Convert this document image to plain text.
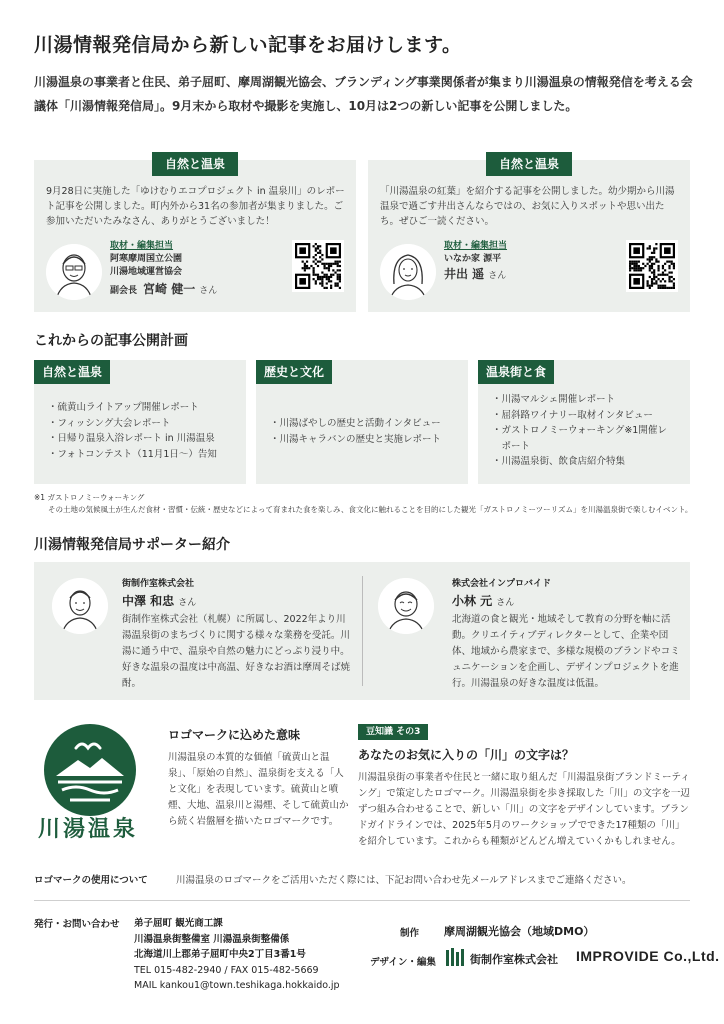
川湯情報発信局から新しい記事をお届けします。
川湯温泉の事業者と住民、弟子屈町、摩周湖観光協会、ブランディング事業関係者が集まり川湯温泉の情報発信を考える会議体「川湯情報発信局」。9月末から取材や撮影を実施し、10月は2つの新しい記事を公開しました。
自然と温泉
9月28日に実施した「ゆけむりエコプロジェクト in 温泉川」のレポート記事を公開しました。町内外から31名の参加者が集まりました。ご参加いただいたみなさん、ありがとうございました！
取材・編集担当
阿寒摩周国立公園
川湯地域運営協会
副会長 宮崎 健一 さん
自然と温泉
「川湯温泉の紅葉」を紹介する記事を公開しました。幼少期から川湯温泉で過ごす井出さんならではの、お気に入りスポットや思い出たち。ぜひご一読ください。
取材・編集担当
いなか家 源平
井出 遥 さん
これからの記事公開計画
自然と温泉
・硫黄山ライトアップ開催レポート
・フィッシング大会レポート
・日帰り温泉入浴レポート in 川湯温泉
・フォトコンテスト（11月1日〜）告知
歴史と文化
・川湯ばやしの歴史と活動インタビュー
・川湯キャラバンの歴史と実施レポート
温泉街と食
・川湯マルシェ開催レポート
・屈斜路ワイナリー取材インタビュー
・ガストロノミーウォーキング※1開催レ
　ポート
・川湯温泉街、飲食店紹介特集
※1 ガストロノミーウォーキング
その土地の気候風土が生んだ食材・習慣・伝統・歴史などによって育まれた食を楽しみ、食文化に触れることを目的にした観光「ガストロノミーツーリズム」を川湯温泉街で楽しむイベント。
川湯情報発信局サポーター紹介
街制作室株式会社
中澤 和忠 さん
街制作室株式会社（札幌）に所属し、2022年より川湯温泉街のまちづくりに関する様々な業務を受託。川湯に通う中で、温泉や自然の魅力にどっぷり浸り中。好きな温泉の温度は中高温、好きなお酒は摩周そば焼酎。
株式会社インプロバイド
小林 元 さん
北海道の食と観光・地域そして教育の分野を軸に活動。クリエイティブディレクターとして、企業や団体、地域から農家まで、多様な規模のブランドやコミュニケーションを企画し、デザインプロジェクトを進行。川湯温泉の好きな温度は低温。
川湯温泉
ロゴマークに込めた意味
川湯温泉の本質的な価値「硫黄山と温泉」、「原始の自然」、温泉街を支える「人と文化」を表現しています。硫黄山と噴煙、大地、温泉川と湯煙、そして硫黄山から続く岩盤層を描いたロゴマークです。
豆知識 その3
あなたのお気に入りの「川」の文字は？
川湯温泉街の事業者や住民と一緒に取り組んだ「川湯温泉街ブランドミーティング」で策定したロゴマーク。川湯温泉街を歩き採取した「川」の文字を一辺ずつ組み合わせることで、新しい「川」の文字をデザインしています。ブランドガイドラインでは、2025年5月のワークショップでできた17種類の「川」を紹介しています。これからも種類がどんどん増えていくかもしれません。
ロゴマークの使用について	川湯温泉のロゴマークをご活用いただく際には、下記お問い合わせ先メールアドレスまでご連絡ください。
発行・お問い合わせ 弟子屈町 観光商工課
川湯温泉街整備室 川湯温泉街整備係
北海道川上郡弟子屈町中央2丁目3番1号
TEL 015-482-2940 / FAX 015-482-5669
MAIL kankou1@town.teshikaga.hokkaido.jp
制作 摩周湖観光協会（地域DMO）
デザイン・編集	街制作室株式会社 IMPROVIDE Co.,Ltd.
